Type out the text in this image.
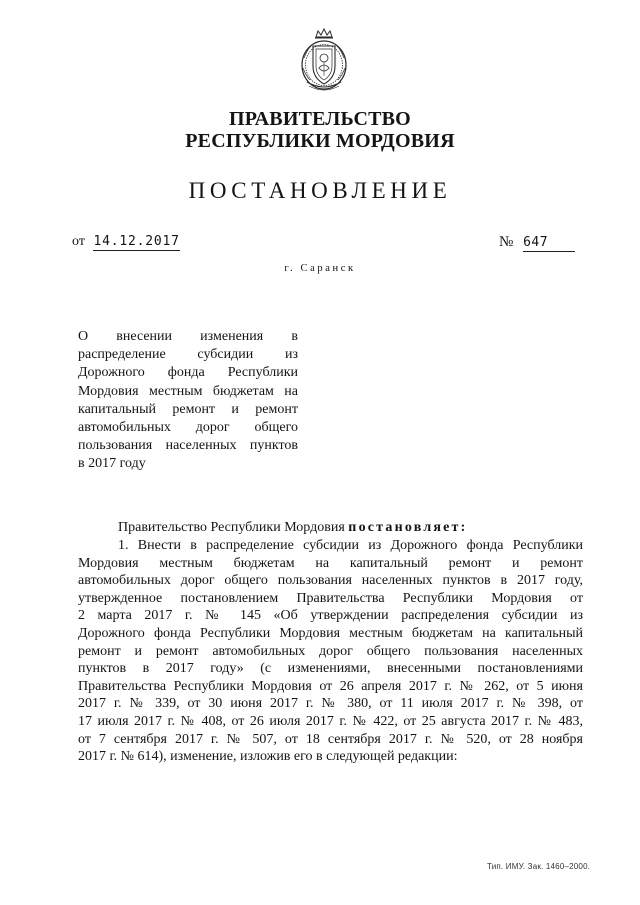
ПРАВИТЕЛЬСТВО
РЕСПУБЛИКИ МОРДОВИЯ
ПОСТАНОВЛЕНИЕ
от 14.12.2017	№ 647
г. Саранск
О внесении изменения в
распределение субсидии из
Дорожного фонда Республики
Мордовия местным бюджетам на
капитальный ремонт и ремонт
автомобильных дорог общего
пользования населенных пунктов
в 2017 году
Правительство Республики Мордовия постановляет:
1. Внести в распределение субсидии из Дорожного фонда Республики
Мордовия местным бюджетам на капитальный ремонт и ремонт
автомобильных дорог общего пользования населенных пунктов в 2017 году,
утвержденное постановлением Правительства Республики Мордовия от
2 марта 2017 г. № 145 «Об утверждении распределения субсидии из
Дорожного фонда Республики Мордовия местным бюджетам на капитальный
ремонт и ремонт автомобильных дорог общего пользования населенных
пунктов в 2017 году» (с изменениями, внесенными постановлениями
Правительства Республики Мордовия от 26 апреля 2017 г. № 262, от 5 июня
2017 г. № 339, от 30 июня 2017 г. № 380, от 11 июля 2017 г. № 398, от
17 июля 2017 г. № 408, от 26 июля 2017 г. № 422, от 25 августа 2017 г. № 483,
от 7 сентября 2017 г. № 507, от 18 сентября 2017 г. № 520, от 28 ноября
2017 г. № 614), изменение, изложив его в следующей редакции:
Тип. ИМУ. Зак. 1460–2000.
